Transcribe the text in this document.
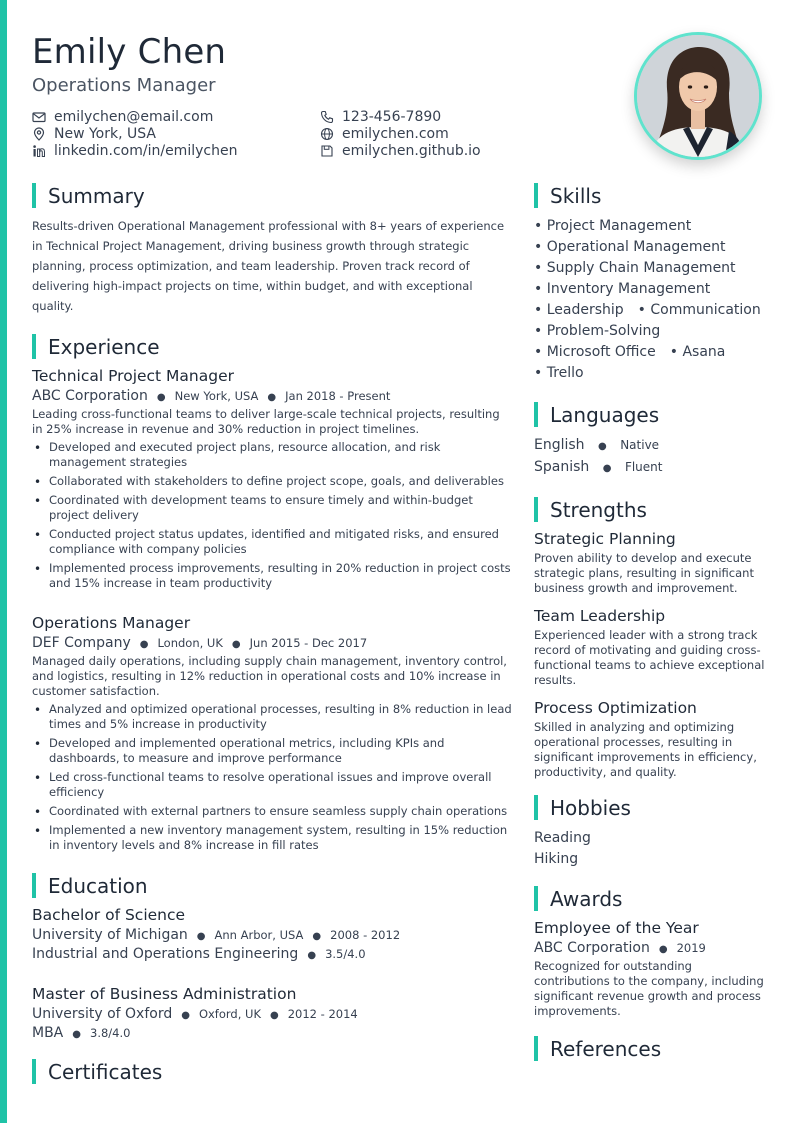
Emily Chen
Operations Manager
emilychen@email.com
New York, USA
linkedin.com/in/emilychen
123-456-7890
emilychen.com
emilychen.github.io
Summary
Results-driven Operational Management professional with 8+ years of experience in Technical Project Management, driving business growth through strategic planning, process optimization, and team leadership. Proven track record of delivering high-impact projects on time, within budget, and with exceptional quality.
Experience
Technical Project Manager
ABC Corporation ● New York, USA ● Jan 2018 - Present
Leading cross-functional teams to deliver large-scale technical projects, resulting in 25% increase in revenue and 30% reduction in project timelines.
• Developed and executed project plans, resource allocation, and risk management strategies
• Collaborated with stakeholders to define project scope, goals, and deliverables
• Coordinated with development teams to ensure timely and within-budget project delivery
• Conducted project status updates, identified and mitigated risks, and ensured compliance with company policies
• Implemented process improvements, resulting in 20% reduction in project costs and 15% increase in team productivity
Operations Manager
DEF Company ● London, UK ● Jun 2015 - Dec 2017
Managed daily operations, including supply chain management, inventory control, and logistics, resulting in 12% reduction in operational costs and 10% increase in customer satisfaction.
• Analyzed and optimized operational processes, resulting in 8% reduction in lead times and 5% increase in productivity
• Developed and implemented operational metrics, including KPIs and dashboards, to measure and improve performance
• Led cross-functional teams to resolve operational issues and improve overall efficiency
• Coordinated with external partners to ensure seamless supply chain operations
• Implemented a new inventory management system, resulting in 15% reduction in inventory levels and 8% increase in fill rates
Education
Bachelor of Science
University of Michigan ● Ann Arbor, USA ● 2008 - 2012
Industrial and Operations Engineering ● 3.5/4.0
Master of Business Administration
University of Oxford ● Oxford, UK ● 2012 - 2014
MBA ● 3.8/4.0
Certificates
Skills
• Project Management
• Operational Management
• Supply Chain Management
• Inventory Management
• Leadership • Communication
• Problem-Solving
• Microsoft Office • Asana
• Trello
Languages
English ● Native
Spanish ● Fluent
Strengths
Strategic Planning
Proven ability to develop and execute strategic plans, resulting in significant business growth and improvement.
Team Leadership
Experienced leader with a strong track record of motivating and guiding cross-functional teams to achieve exceptional results.
Process Optimization
Skilled in analyzing and optimizing operational processes, resulting in significant improvements in efficiency, productivity, and quality.
Hobbies
Reading
Hiking
Awards
Employee of the Year
ABC Corporation ● 2019
Recognized for outstanding contributions to the company, including significant revenue growth and process improvements.
References
